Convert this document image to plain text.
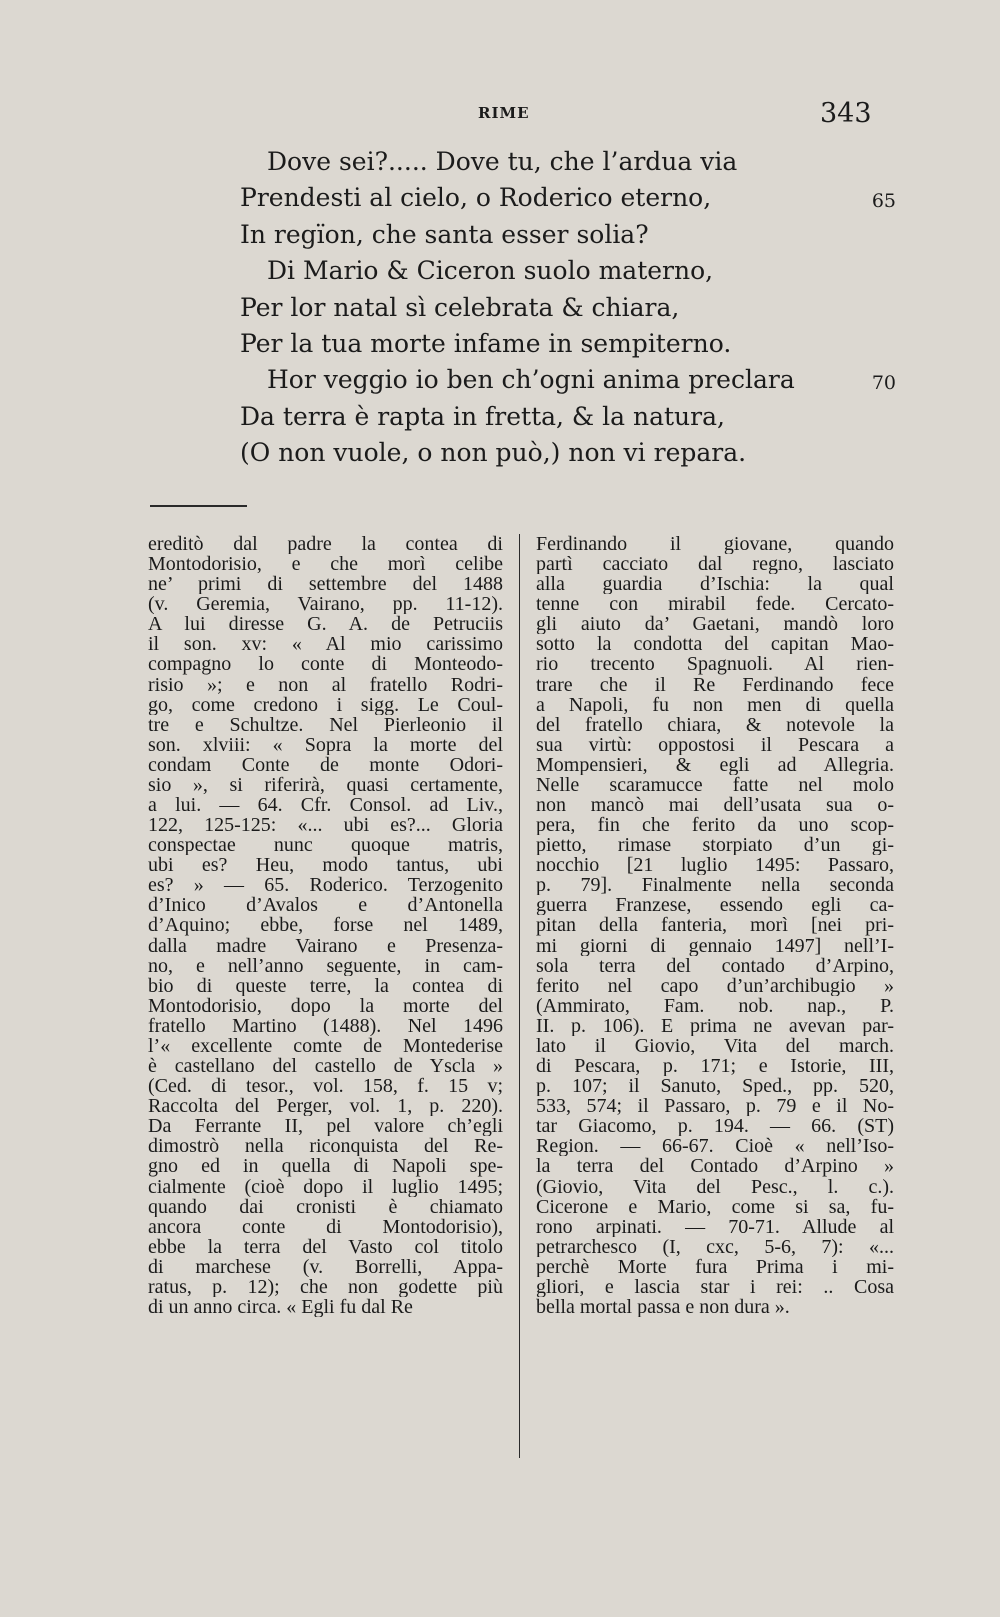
RIME	343
Dove sei?..... Dove tu, che l’ardua via
Prendesti al cielo, o Roderico eterno,	65
In regïon, che santa esser solia?
Di Mario & Ciceron suolo materno,
Per lor natal sì celebrata & chiara,
Per la tua morte infame in sempiterno.
Hor veggio io ben ch’ogni anima preclara	70
Da terra è rapta in fretta, & la natura,
(O non vuole, o non può,) non vi repara.
ereditò dal padre la contea di
Montodorisio, e che morì celibe
ne’ primi di settembre del 1488
(v. Geremia, Vairano, pp. 11-12).
A lui diresse G. A. de Petruciis
il son. xv: « Al mio carissimo
compagno lo conte di Monteodo-
risio »; e non al fratello Rodri-
go, come credono i sigg. Le Coul-
tre e Schultze. Nel Pierleonio il
son. xlviii: « Sopra la morte del
condam Conte de monte Odori-
sio », si riferirà, quasi certamente,
a lui. — 64. Cfr. Consol. ad Liv.,
122, 125-125: «... ubi es?... Gloria
conspectae nunc quoque matris,
ubi es? Heu, modo tantus, ubi
es? » — 65. Roderico. Terzogenito
d’Inico d’Avalos e d’Antonella
d’Aquino; ebbe, forse nel 1489,
dalla madre Vairano e Presenza-
no, e nell’anno seguente, in cam-
bio di queste terre, la contea di
Montodorisio, dopo la morte del
fratello Martino (1488). Nel 1496
l’« excellente comte de Montederise
è castellano del castello de Yscla »
(Ced. di tesor., vol. 158, f. 15 v;
Raccolta del Perger, vol. 1, p. 220).
Da Ferrante II, pel valore ch’egli
dimostrò nella riconquista del Re-
gno ed in quella di Napoli spe-
cialmente (cioè dopo il luglio 1495;
quando dai cronisti è chiamato
ancora conte di Montodorisio),
ebbe la terra del Vasto col titolo
di marchese (v. Borrelli, Appa-
ratus, p. 12); che non godette più
di un anno circa. « Egli fu dal Re
Ferdinando il giovane, quando
partì cacciato dal regno, lasciato
alla guardia d’Ischia: la qual
tenne con mirabil fede. Cercato-
gli aiuto da’ Gaetani, mandò loro
sotto la condotta del capitan Mao-
rio trecento Spagnuoli. Al rien-
trare che il Re Ferdinando fece
a Napoli, fu non men di quella
del fratello chiara, & notevole la
sua virtù: oppostosi il Pescara a
Mompensieri, & egli ad Allegria.
Nelle scaramucce fatte nel molo
non mancò mai dell’usata sua o-
pera, fin che ferito da uno scop-
pietto, rimase storpiato d’un gi-
nocchio [21 luglio 1495: Passaro,
p. 79]. Finalmente nella seconda
guerra Franzese, essendo egli ca-
pitan della fanteria, morì [nei pri-
mi giorni di gennaio 1497] nell’I-
sola terra del contado d’Arpino,
ferito nel capo d’un’archibugio »
(Ammirato, Fam. nob. nap., P.
II. p. 106). E prima ne avevan par-
lato il Giovio, Vita del march.
di Pescara, p. 171; e Istorie, III,
p. 107; il Sanuto, Sped., pp. 520,
533, 574; il Passaro, p. 79 e il No-
tar Giacomo, p. 194. — 66. (ST)
Region. — 66-67. Cioè « nell’Iso-
la terra del Contado d’Arpino »
(Giovio, Vita del Pesc., l. c.).
Cicerone e Mario, come si sa, fu-
rono arpinati. — 70-71. Allude al
petrarchesco (I, cxc, 5-6, 7): «...
perchè Morte fura Prima i mi-
gliori, e lascia star i rei: .. Cosa
bella mortal passa e non dura ».
